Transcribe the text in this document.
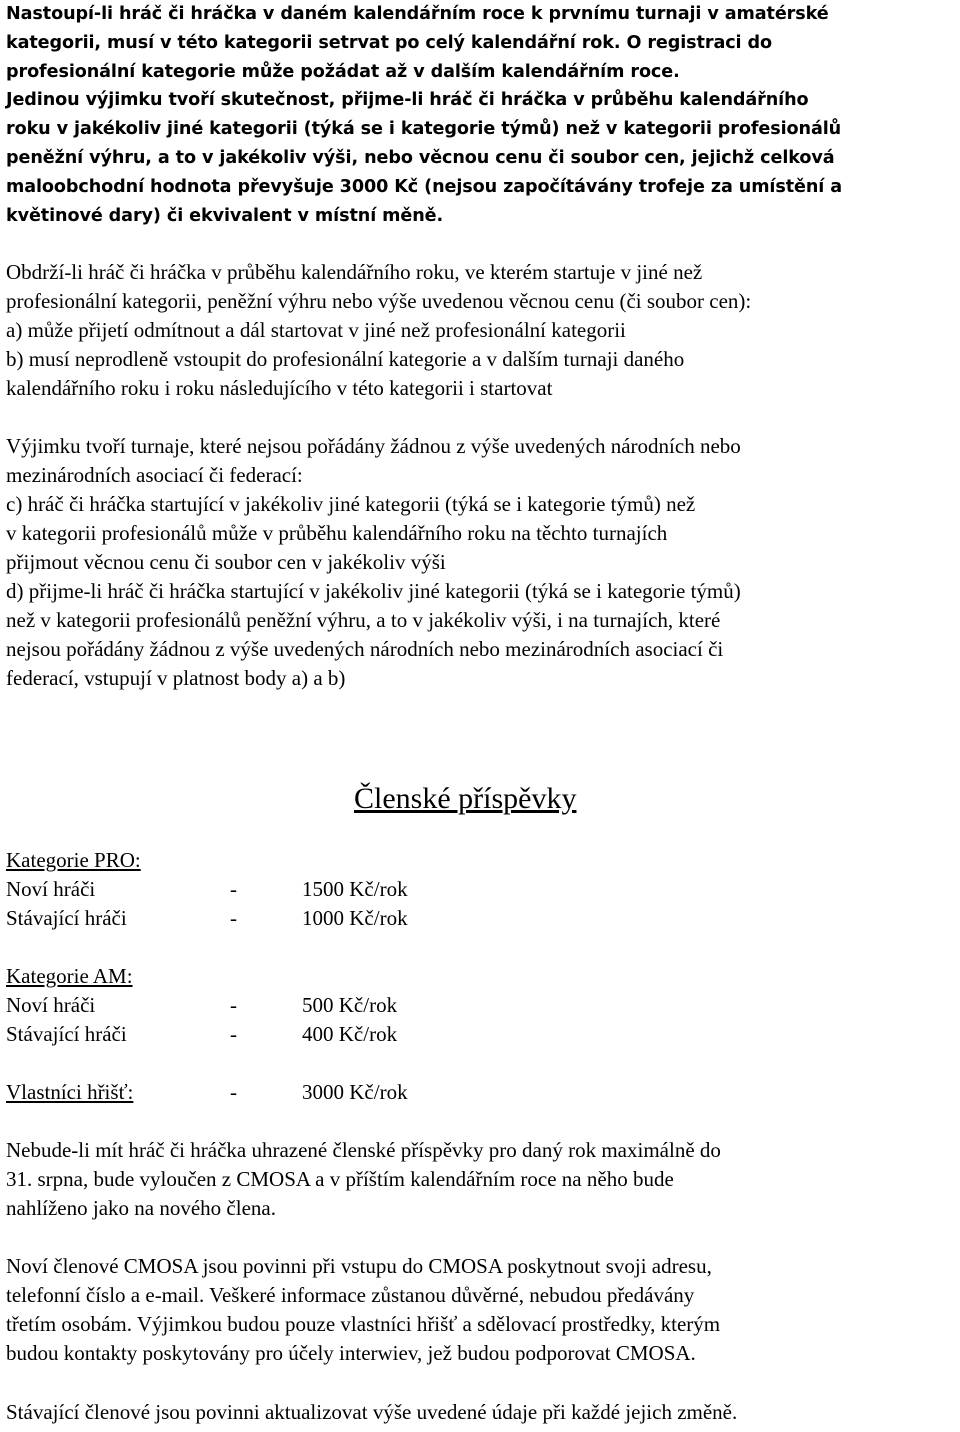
Nastoupí-li hráč či hráčka v daném kalendářním roce k prvnímu turnaji v amatérské

kategorii, musí v této kategorii setrvat po celý kalendářní rok. O registraci do

profesionální kategorie může požádat až v dalším kalendářním roce.

Jedinou výjimku tvoří skutečnost, přijme-li hráč či hráčka v průběhu kalendářního

roku v jakékoliv jiné kategorii (týká se i kategorie týmů) než v kategorii profesionálů

peněžní výhru, a to v jakékoliv výši, nebo věcnou cenu či soubor cen, jejichž celková

maloobchodní hodnota převyšuje 3000 Kč (nejsou započítávány trofeje za umístění a

květinové dary) či ekvivalent v místní měně.

Obdrží-li hráč či hráčka v průběhu kalendářního roku, ve kterém startuje v jiné než

profesionální kategorii, peněžní výhru nebo výše uvedenou věcnou cenu (či soubor cen):

a) může přijetí odmítnout a dál startovat v jiné než profesionální kategorii

b) musí neprodleně vstoupit do profesionální kategorie a v dalším turnaji daného

kalendářního roku i roku následujícího v této kategorii i startovat

Výjimku tvoří turnaje, které nejsou pořádány žádnou z výše uvedených národních nebo

mezinárodních asociací či federací:

c) hráč či hráčka startující v jakékoliv jiné kategorii (týká se i kategorie týmů) než

v kategorii profesionálů může v průběhu kalendářního roku na těchto turnajích

přijmout věcnou cenu či soubor cen v jakékoliv výši

d) přijme-li hráč či hráčka startující v jakékoliv jiné kategorii (týká se i kategorie týmů)

než v kategorii profesionálů peněžní výhru, a to v jakékoliv výši, i na turnajích, které

nejsou pořádány žádnou z výše uvedených národních nebo mezinárodních asociací či

federací, vstupují v platnost body a) a b)

Členské příspěvky
Kategorie PRO:
Noví hráči	-	1500 Kč/rok
Stávající hráči	-	1000 Kč/rok
Kategorie AM:
Noví hráči	-	500 Kč/rok
Stávající hráči	-	400 Kč/rok
Vlastníci hřišť:	-	3000 Kč/rok

Nebude-li mít hráč či hráčka uhrazené členské příspěvky pro daný rok maximálně do

31. srpna, bude vyloučen z CMOSA a v příštím kalendářním roce na něho bude

nahlíženo jako na nového člena.

Noví členové CMOSA jsou povinni při vstupu do CMOSA poskytnout svoji adresu,

telefonní číslo a e-mail. Veškeré informace zůstanou důvěrné, nebudou předávány

třetím osobám. Výjimkou budou pouze vlastníci hřišť a sdělovací prostředky, kterým

budou kontakty poskytovány pro účely interwiev, jež budou podporovat CMOSA.

Stávající členové jsou povinni aktualizovat výše uvedené údaje při každé jejich změně.
